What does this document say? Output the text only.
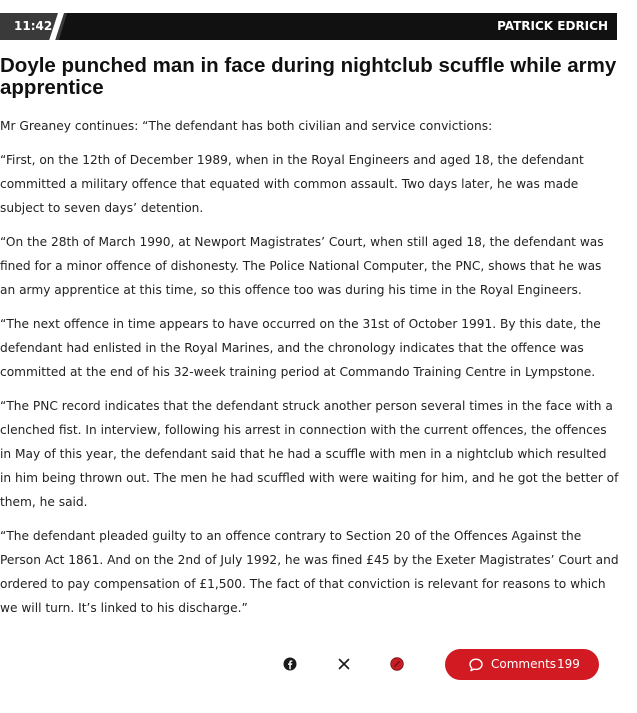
11:42	PATRICK EDRICH
Doyle punched man in face during nightclub scuffle while army apprentice

Mr Greaney continues: “The defendant has both civilian and service convictions:

“First, on the 12th of December 1989, when in the Royal Engineers and aged 18, the defendant committed a military offence that equated with common assault. Two days later, he was made subject to seven days’ detention.

“On the 28th of March 1990, at Newport Magistrates’ Court, when still aged 18, the defendant was fined for a minor offence of dishonesty. The Police National Computer, the PNC, shows that he was an army apprentice at this time, so this offence too was during his time in the Royal Engineers.

“The next offence in time appears to have occurred on the 31st of October 1991. By this date, the defendant had enlisted in the Royal Marines, and the chronology indicates that the offence was committed at the end of his 32-week training period at Commando Training Centre in Lympstone.

“The PNC record indicates that the defendant struck another person several times in the face with a clenched fist. In interview, following his arrest in connection with the current offences, the offences in May of this year, the defendant said that he had a scuffle with men in a nightclub which resulted in him being thrown out. The men he had scuffled with were waiting for him, and he got the better of them, he said.

“The defendant pleaded guilty to an offence contrary to Section 20 of the Offences Against the Person Act 1861. And on the 2nd of July 1992, he was fined £45 by the Exeter Magistrates’ Court and ordered to pay compensation of £1,500. The fact of that conviction is relevant for reasons to which we will turn. It’s linked to his discharge.”

Comments 199
